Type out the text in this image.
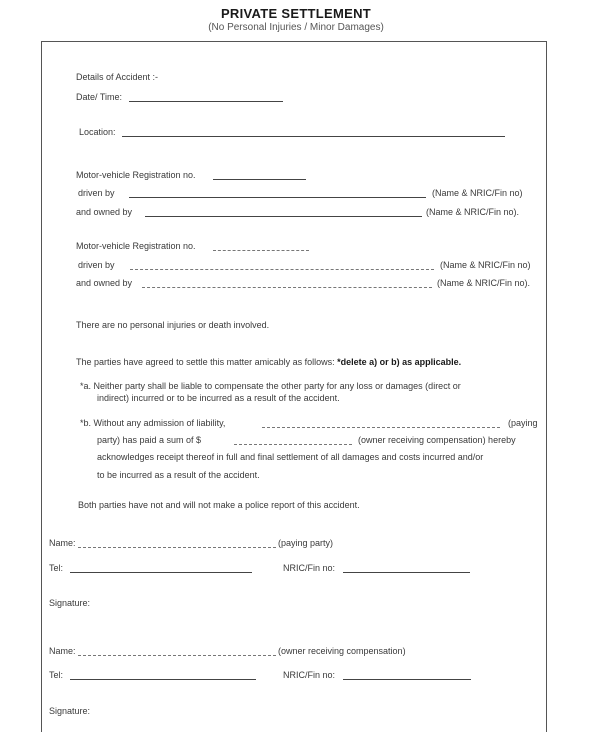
PRIVATE SETTLEMENT
(No Personal Injuries / Minor Damages)
Details of Accident :-
Date/ Time:
Location:
Motor-vehicle Registration no.
driven by	(Name & NRIC/Fin no)
and owned by	(Name & NRIC/Fin no).
Motor-vehicle Registration no.
driven by	(Name & NRIC/Fin no)
and owned by	(Name & NRIC/Fin no).
There are no personal injuries or death involved.
The parties have agreed to settle this matter amicably as follows: *delete a) or b) as applicable.
*a. Neither party shall be liable to compensate the other party for any loss or damages (direct or
indirect) incurred or to be incurred as a result of the accident.
*b. Without any admission of liability,	(paying
party) has paid a sum of $	(owner receiving compensation) hereby
acknowledges receipt thereof in full and final settlement of all damages and costs incurred and/or
to be incurred as a result of the accident.
Both parties have not and will not make a police report of this accident.
Name:	(paying party)
Tel:	NRIC/Fin no:
Signature:
Name:	(owner receiving compensation)
Tel:	NRIC/Fin no:
Signature:
